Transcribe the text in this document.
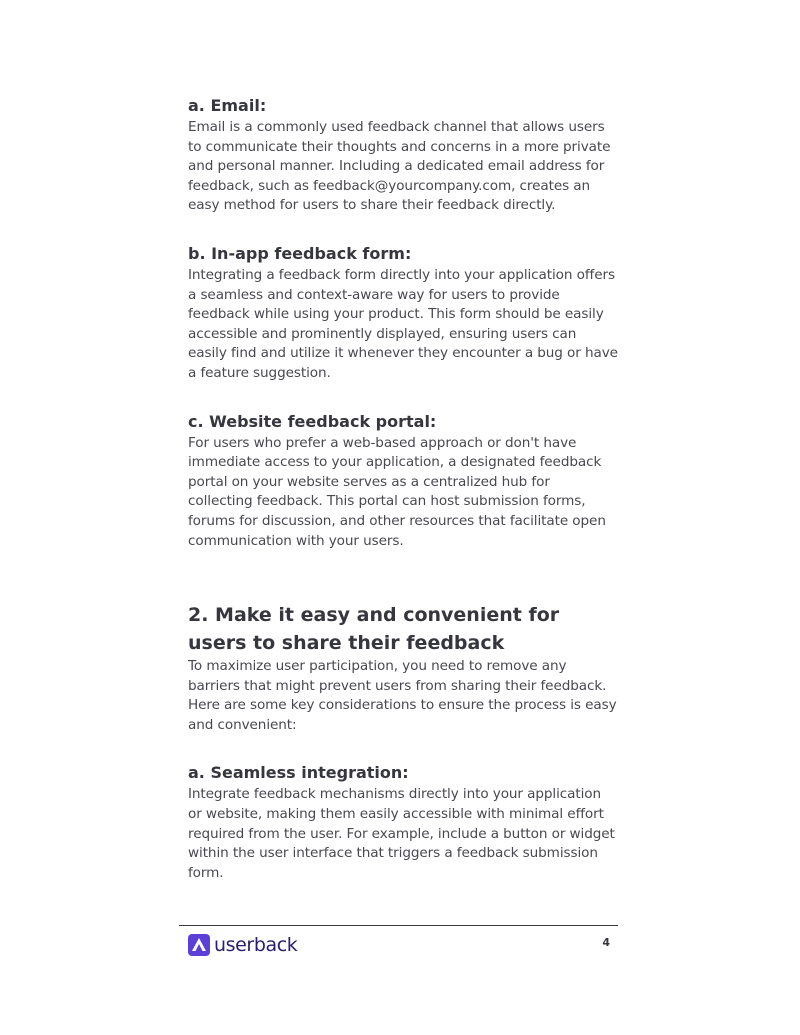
a. Email:

Email is a commonly used feedback channel that allows users to communicate their thoughts and concerns in a more private and personal manner. Including a dedicated email address for feedback, such as feedback@yourcompany.com, creates an easy method for users to share their feedback directly.

b. In-app feedback form:

Integrating a feedback form directly into your application offers a seamless and context-aware way for users to provide feedback while using your product. This form should be easily accessible and prominently displayed, ensuring users can easily find and utilize it whenever they encounter a bug or have a feature suggestion.

c. Website feedback portal:

For users who prefer a web-based approach or don't have immediate access to your application, a designated feedback portal on your website serves as a centralized hub for collecting feedback. This portal can host submission forms, forums for discussion, and other resources that facilitate open communication with your users.

2. Make it easy and convenient for users to share their feedback

To maximize user participation, you need to remove any barriers that might prevent users from sharing their feedback. Here are some key considerations to ensure the process is easy and convenient:

a. Seamless integration:

Integrate feedback mechanisms directly into your application or website, making them easily accessible with minimal effort required from the user. For example, include a button or widget within the user interface that triggers a feedback submission form.

userback	4
